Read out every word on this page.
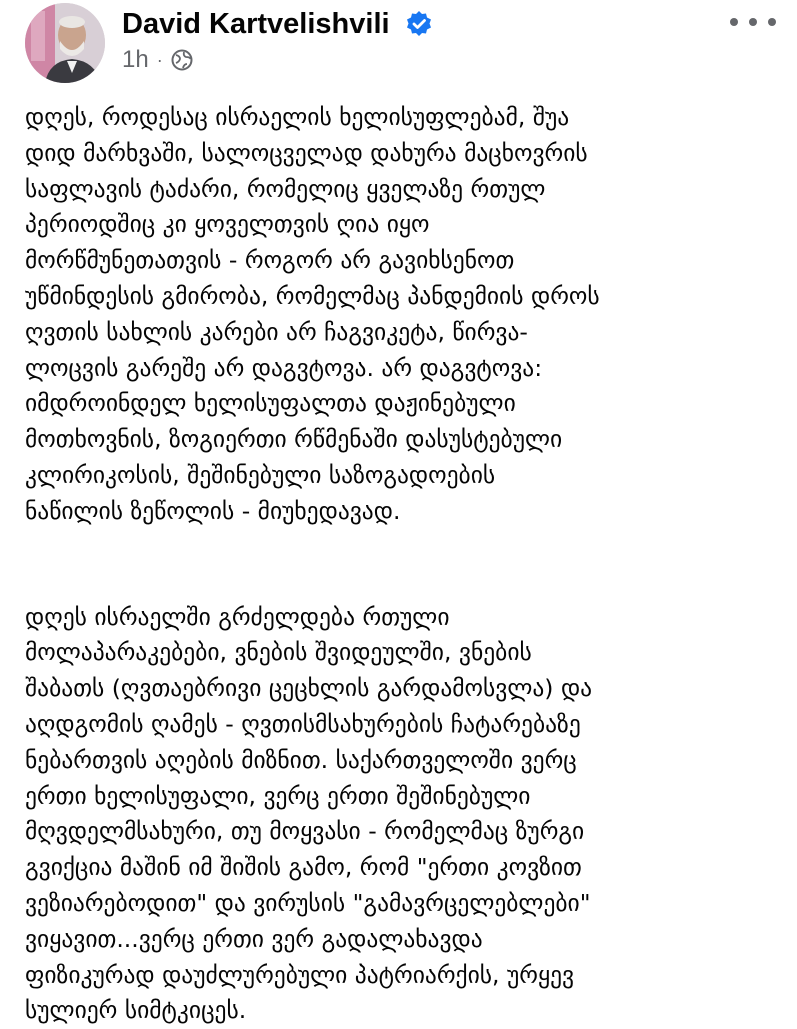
David Kartvelishvili
1h ·
დღეს, როდესაც ისრაელის ხელისუფლებამ, შუა
დიდ მარხვაში, სალოცველად დახურა მაცხოვრის
საფლავის ტაძარი, რომელიც ყველაზე რთულ
პერიოდშიც კი ყოველთვის ღია იყო
მორწმუნეთათვის - როგორ არ გავიხსენოთ
უწმინდესის გმირობა, რომელმაც პანდემიის დროს
ღვთის სახლის კარები არ ჩაგვიკეტა, წირვა-
ლოცვის გარეშე არ დაგვტოვა. არ დაგვტოვა:
იმდროინდელ ხელისუფალთა დაჟინებული
მოთხოვნის, ზოგიერთი რწმენაში დასუსტებული
კლირიკოსის, შეშინებული საზოგადოების
ნაწილის ზეწოლის - მიუხედავად.
დღეს ისრაელში გრძელდება რთული
მოლაპარაკებები, ვნების შვიდეულში, ვნების
შაბათს (ღვთაებრივი ცეცხლის გარდამოსვლა) და
აღდგომის ღამეს - ღვთისმსახურების ჩატარებაზე
ნებართვის აღების მიზნით. საქართველოში ვერც
ერთი ხელისუფალი, ვერც ერთი შეშინებული
მღვდელმსახური, თუ მოყვასი - რომელმაც ზურგი
გვიქცია მაშინ იმ შიშის გამო, რომ "ერთი კოვზით
ვეზიარებოდით" და ვირუსის "გამავრცელებლები"
ვიყავით...ვერც ერთი ვერ გადალახავდა
ფიზიკურად დაუძლურებული პატრიარქის, ურყევ
სულიერ სიმტკიცეს.
